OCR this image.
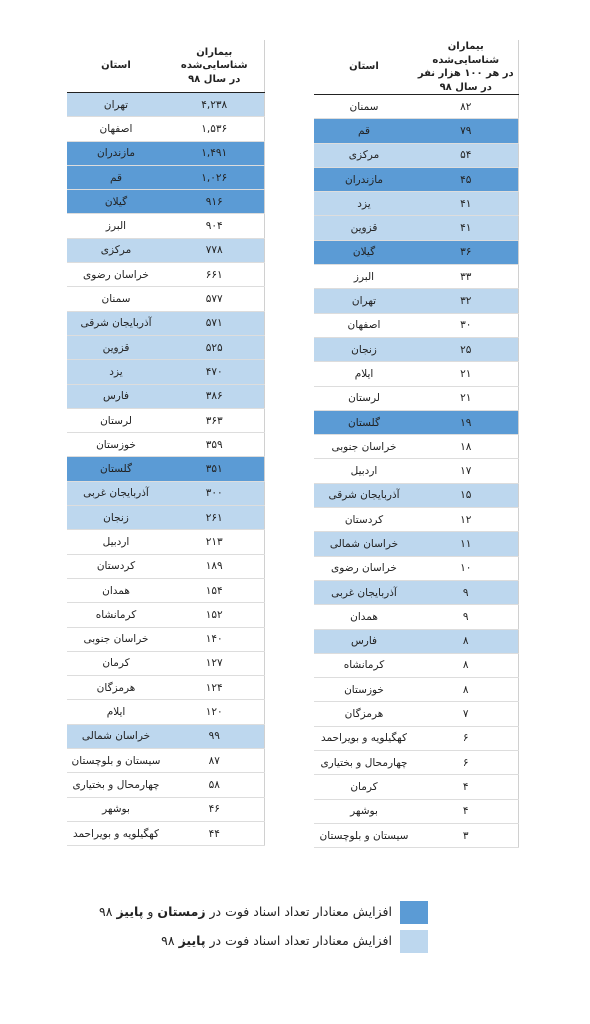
استان	بیماران شناسایی‌شده
در هر ۱۰۰ هزار نفر
در سال ۹۸

سمنان	۸۲
قم	۷۹
مرکزی	۵۴
مازندران	۴۵
یزد	۴۱
قزوین	۴۱
گیلان	۳۶
البرز	۳۳
تهران	۳۲
اصفهان	۳۰
زنجان	۲۵
ایلام	۲۱
لرستان	۲۱
گلستان	۱۹
خراسان جنوبی	۱۸
اردبیل	۱۷
آذربایجان شرقی	۱۵
کردستان	۱۲
خراسان شمالی	۱۱
خراسان رضوی	۱۰
آذربایجان غربی	۹
همدان	۹
فارس	۸
کرمانشاه	۸
خوزستان	۸
هرمزگان	۷
کهگیلویه و بویراحمد	۶
چهارمحال و بختیاری	۶
کرمان	۴
بوشهر	۴
سیستان و بلوچستان	۳
استان	بیماران
شناسایی‌شده
در سال ۹۸

تهران	۴,۲۳۸
اصفهان	۱,۵۳۶
مازندران	۱,۴۹۱
قم	۱,۰۲۶
گیلان	۹۱۶
البرز	۹۰۴
مرکزی	۷۷۸
خراسان رضوی	۶۶۱
سمنان	۵۷۷
آذربایجان شرقی	۵۷۱
قزوین	۵۲۵
یزد	۴۷۰
فارس	۳۸۶
لرستان	۳۶۳
خوزستان	۳۵۹
گلستان	۳۵۱
آذربایجان غربی	۳۰۰
زنجان	۲۶۱
اردبیل	۲۱۳
کردستان	۱۸۹
همدان	۱۵۴
کرمانشاه	۱۵۲
خراسان جنوبی	۱۴۰
کرمان	۱۲۷
هرمزگان	۱۲۴
ایلام	۱۲۰
خراسان شمالی	۹۹
سیستان و بلوچستان	۸۷
چهارمحال و بختیاری	۵۸
بوشهر	۴۶
کهگیلویه و بویراحمد	۴۴
افزایش معنادار تعداد اسناد فوت در زمستان و پاییز ۹۸
افزایش معنادار تعداد اسناد فوت در پاییز ۹۸
